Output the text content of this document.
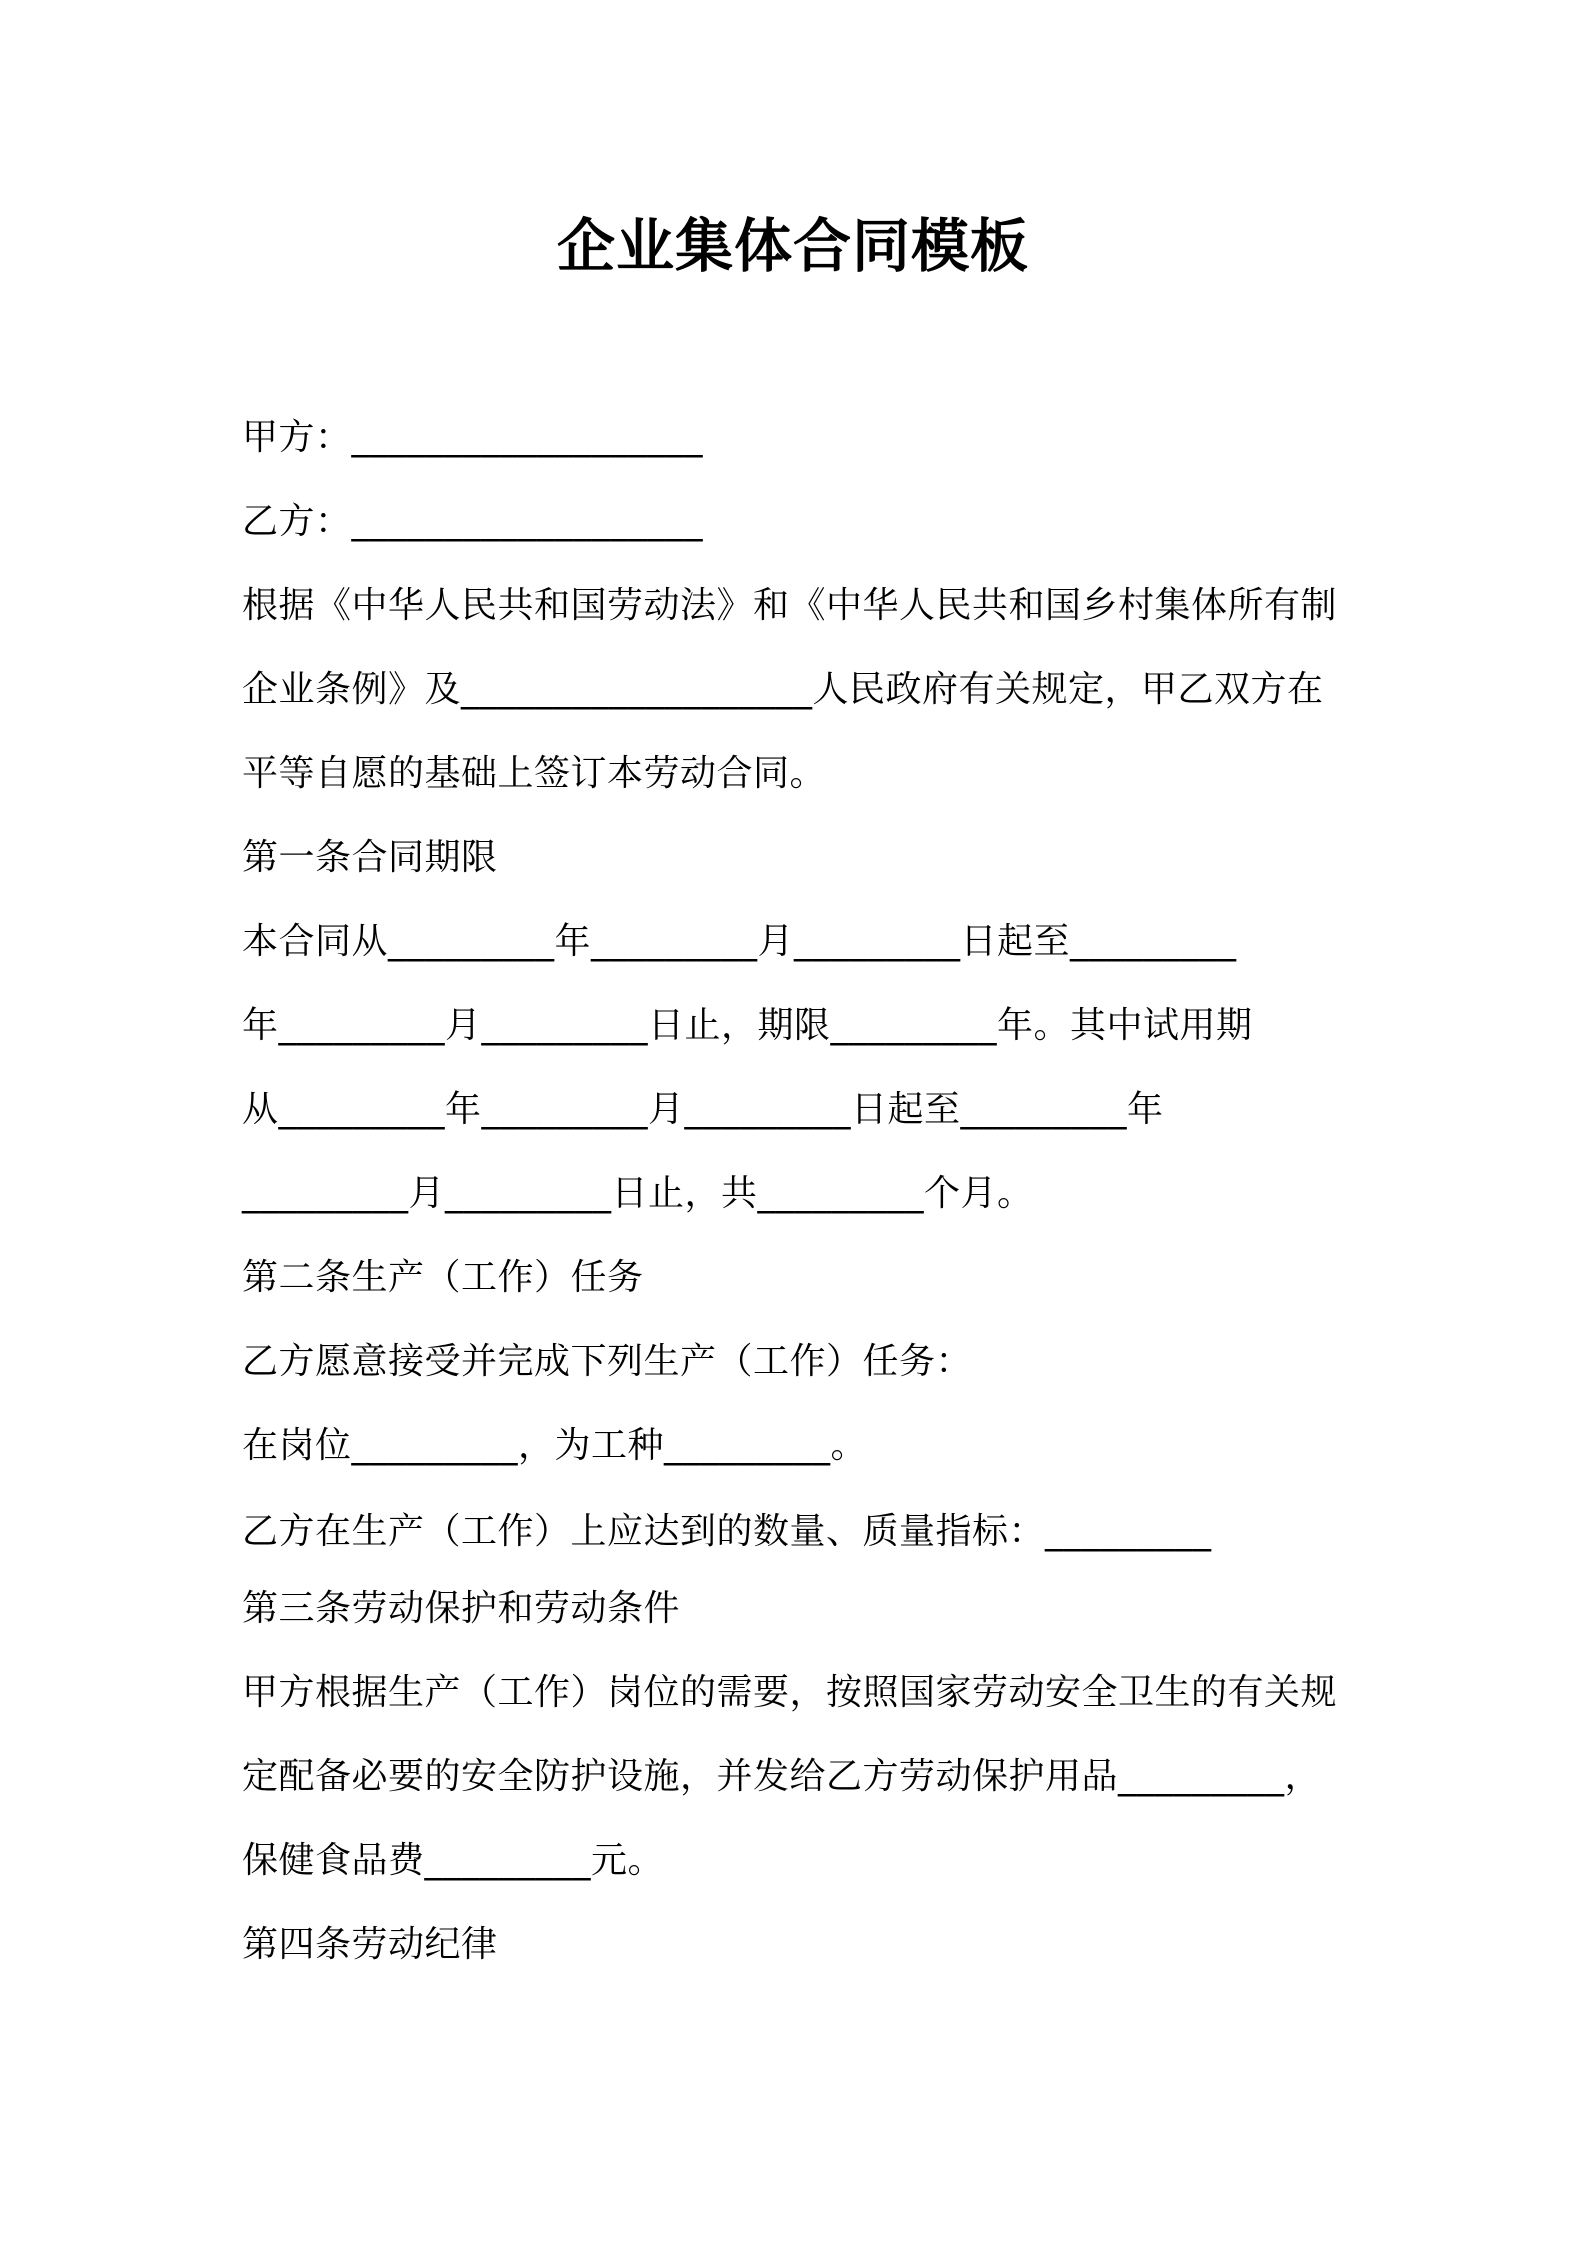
企业集体合同模板
甲方：___________________
乙方：___________________
根据《中华人民共和国劳动法》和《中华人民共和国乡村集体所有制
企业条例》及___________________人民政府有关规定，甲乙双方在
平等自愿的基础上签订本劳动合同。
第一条合同期限
本合同从_________年_________月_________日起至_________
年_________月_________日止，期限_________年。其中试用期
从_________年_________月_________日起至_________年
_________月_________日止，共_________个月。
第二条生产（工作）任务
乙方愿意接受并完成下列生产（工作）任务：
在岗位_________，为工种_________。
乙方在生产（工作）上应达到的数量、质量指标：_________
第三条劳动保护和劳动条件
甲方根据生产（工作）岗位的需要，按照国家劳动安全卫生的有关规
定配备必要的安全防护设施，并发给乙方劳动保护用品_________，
保健食品费_________元。
第四条劳动纪律
